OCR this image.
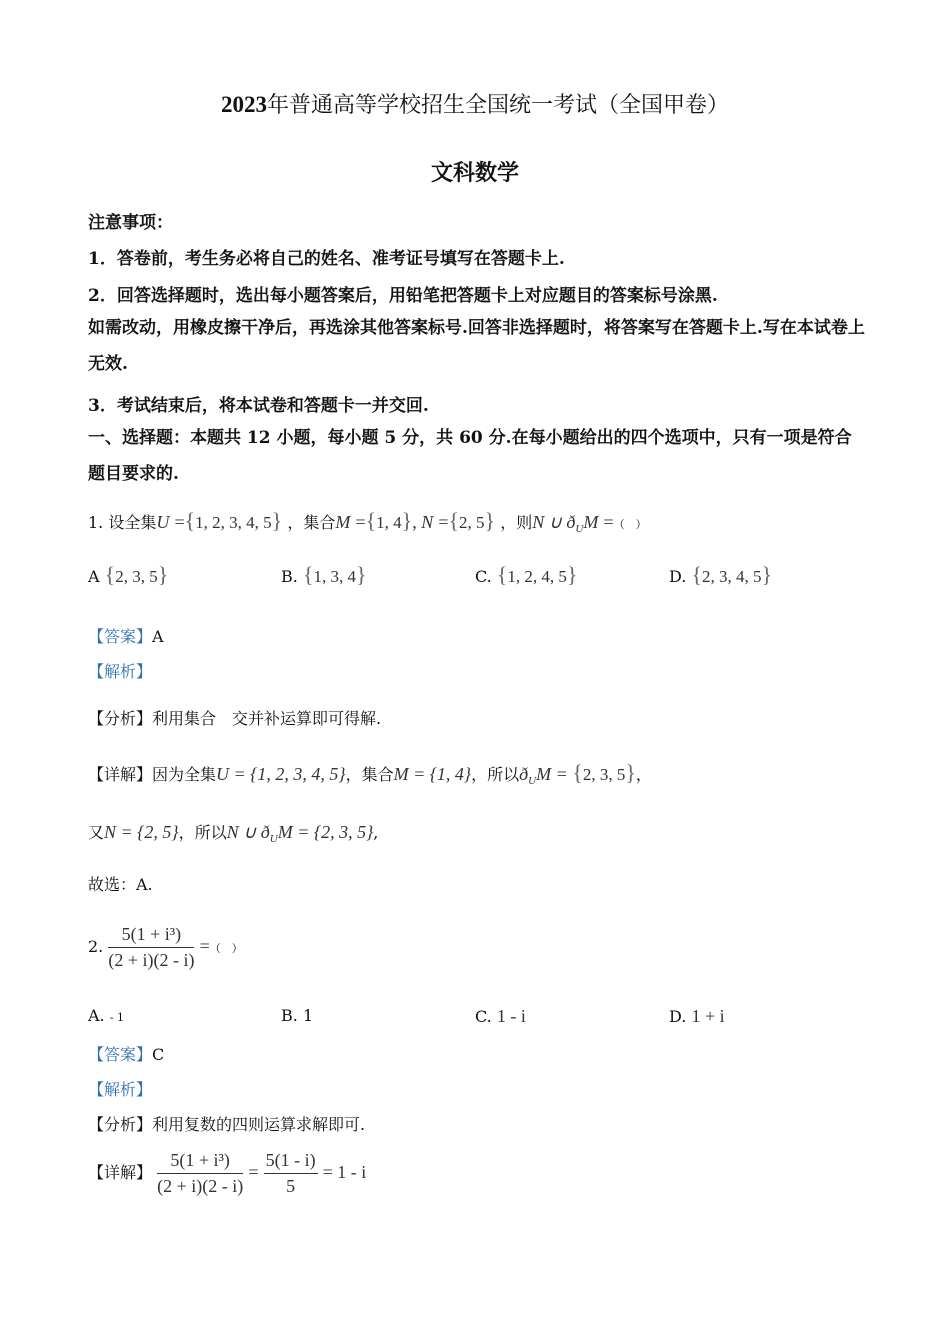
2023年普通高等学校招生全国统一考试（全国甲卷）
文科数学
注意事项：
1．答卷前，考生务必将自己的姓名、准考证号填写在答题卡上.
2．回答选择题时，选出每小题答案后，用铅笔把答题卡上对应题目的答案标号涂黑.
如需改动，用橡皮擦干净后，再选涂其他答案标号.回答非选择题时，将答案写在答题卡上.写在本试卷上无效.
3．考试结束后，将本试卷和答题卡一并交回.
一、选择题：本题共 12 小题，每小题 5 分，共 60 分.在每小题给出的四个选项中，只有一项是符合题目要求的.
1. 设全集U ={1, 2, 3, 4, 5} ，集合M ={1, 4}, N ={2, 5} ，则N ∪ $ð_UM$ =（　）
A {2, 3, 5}	B. {1, 3, 4}	C. {1, 2, 4, 5}	D. {2, 3, 4, 5}
【答案】A
【解析】
【分析】利用集合　交并补运算即可得解.
【详解】因为全集U = {1, 2, 3, 4, 5}，集合M = {1, 4}，所以$ð_UM = \{2$, 3, 5}，
又N = {2, 5}，所以N ∪ $ð_UM = \{2$, 3, 5},
故选：A.
2. $\frac{\text{5(1 + i³)}}{(2 + i)(2 - i)}$ =（　）
A. - 1	B. 1	C. 1 - i	D. 1 + i
【答案】C
【解析】
【分析】利用复数的四则运算求解即可.
【详解】 $\frac{\text{5(1 + i³)}}{(2 + i)(2 - i)} = \frac{5(1 - i)}{5} = 1 - i$
